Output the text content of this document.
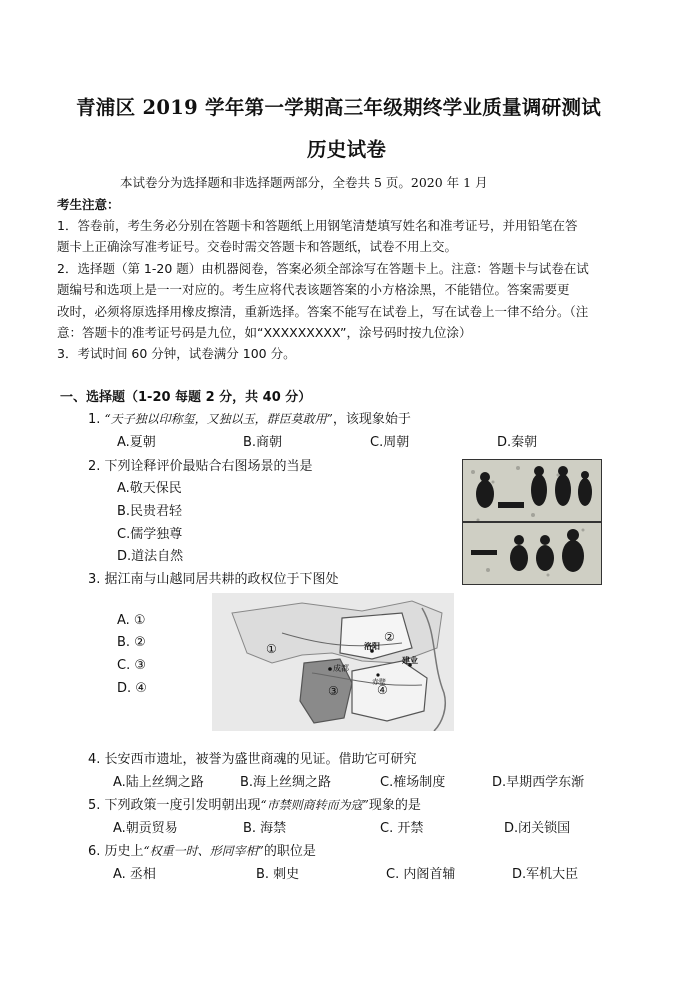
青浦区 2019 学年第一学期高三年级期终学业质量调研测试
历史试卷
本试卷分为选择题和非选择题两部分，全卷共 5 页。2020 年 1 月
考生注意：
1．答卷前，考生务必分别在答题卡和答题纸上用钢笔清楚填写姓名和准考证号，并用铅笔在答
题卡上正确涂写准考证号。交卷时需交答题卡和答题纸，试卷不用上交。
2．选择题（第 1-20 题）由机器阅卷，答案必须全部涂写在答题卡上。注意：答题卡与试卷在试
题编号和选项上是一一对应的。考生应将代表该题答案的小方格涂黑，不能错位。答案需要更
改时，必须将原选择用橡皮擦清，重新选择。答案不能写在试卷上，写在试卷上一律不给分。（注
意：答题卡的准考证号码是九位，如“XXXXXXXXX”，涂号码时按九位涂）
3．考试时间 60 分钟，试卷满分 100 分。
一、选择题（1-20 每题 2 分，共 40 分）
1. “天子独以印称玺，又独以玉，群臣莫敢用”，该现象始于
A.夏朝	B.商朝	C.周朝	D.秦朝
2. 下列诠释评价最贴合右图场景的当是
A.敬天保民
B.民贵君轻
C.儒学独尊
D.道法自然
3. 据江南与山越同居共耕的政权位于下图处
A. ①
B. ②
C. ③
D. ④
①
②
③	④
洛阳
成都
建业
赤壁
4. 长安西市遗址，被誉为盛世商魂的见证。借助它可研究
A.陆上丝绸之路	B.海上丝绸之路	C.榷场制度	D.早期西学东渐
5. 下列政策一度引发明朝出现“市禁则商转而为寇”现象的是
A.朝贡贸易	B. 海禁	C. 开禁	D.闭关锁国
6. 历史上“权重一时、形同宰相”的职位是
A. 丞相	B. 刺史	C. 内阁首辅	D.军机大臣
